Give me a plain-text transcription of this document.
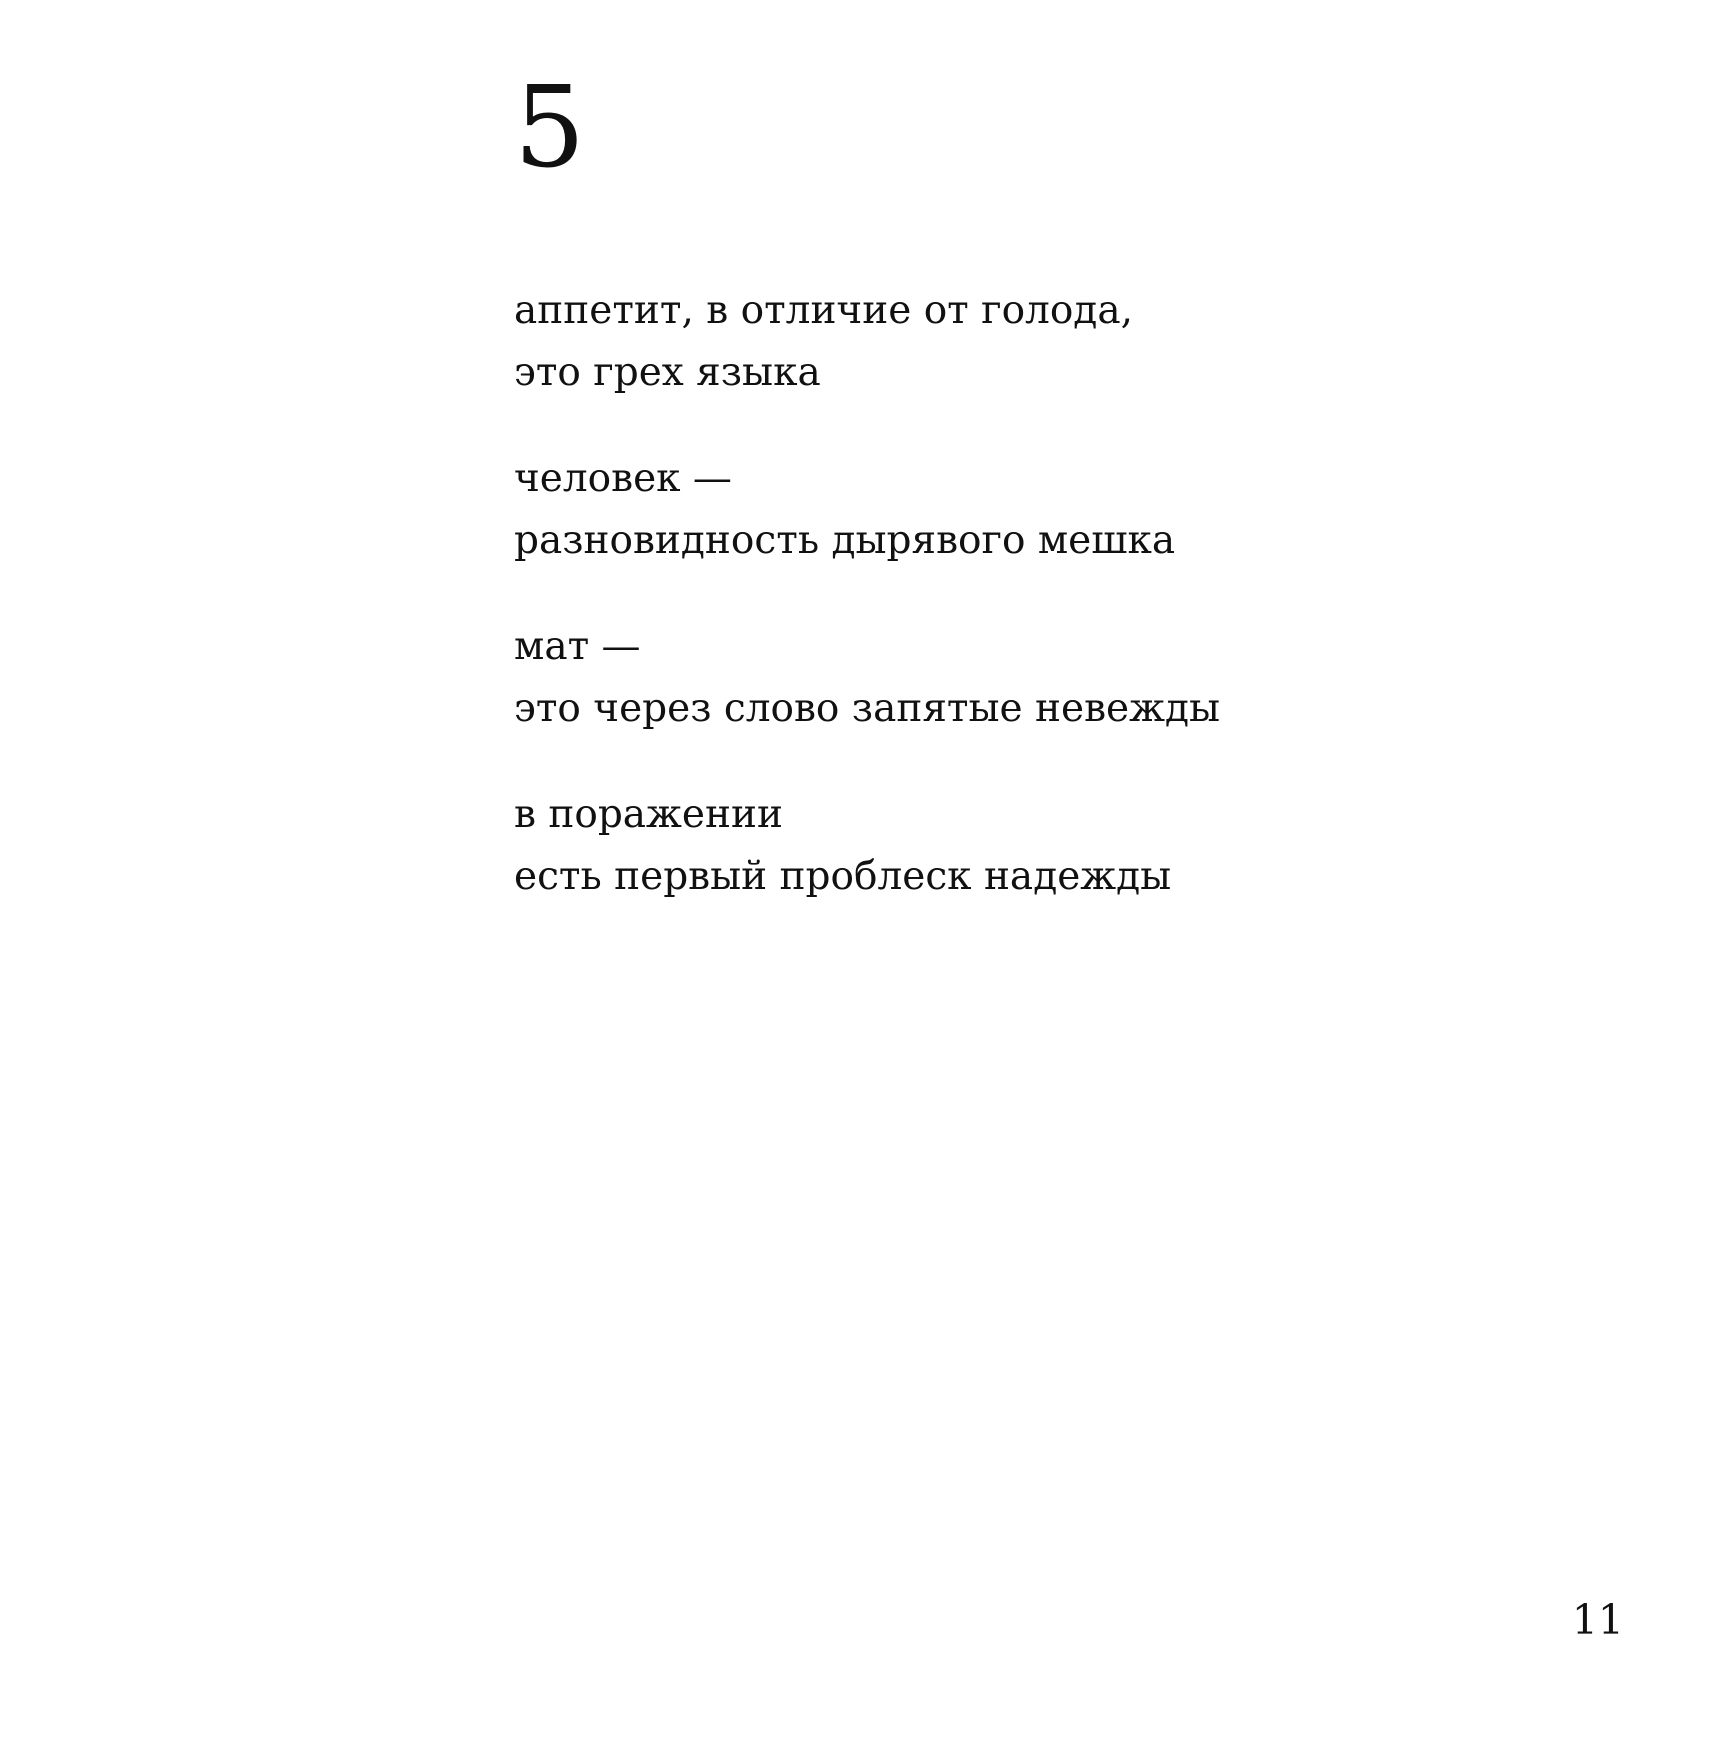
5
аппетит, в отличие от голода,
это грех языка
человек —
разновидность дырявого мешка
мат —
это через слово запятые невежды
в поражении
есть первый проблеск надежды
11
